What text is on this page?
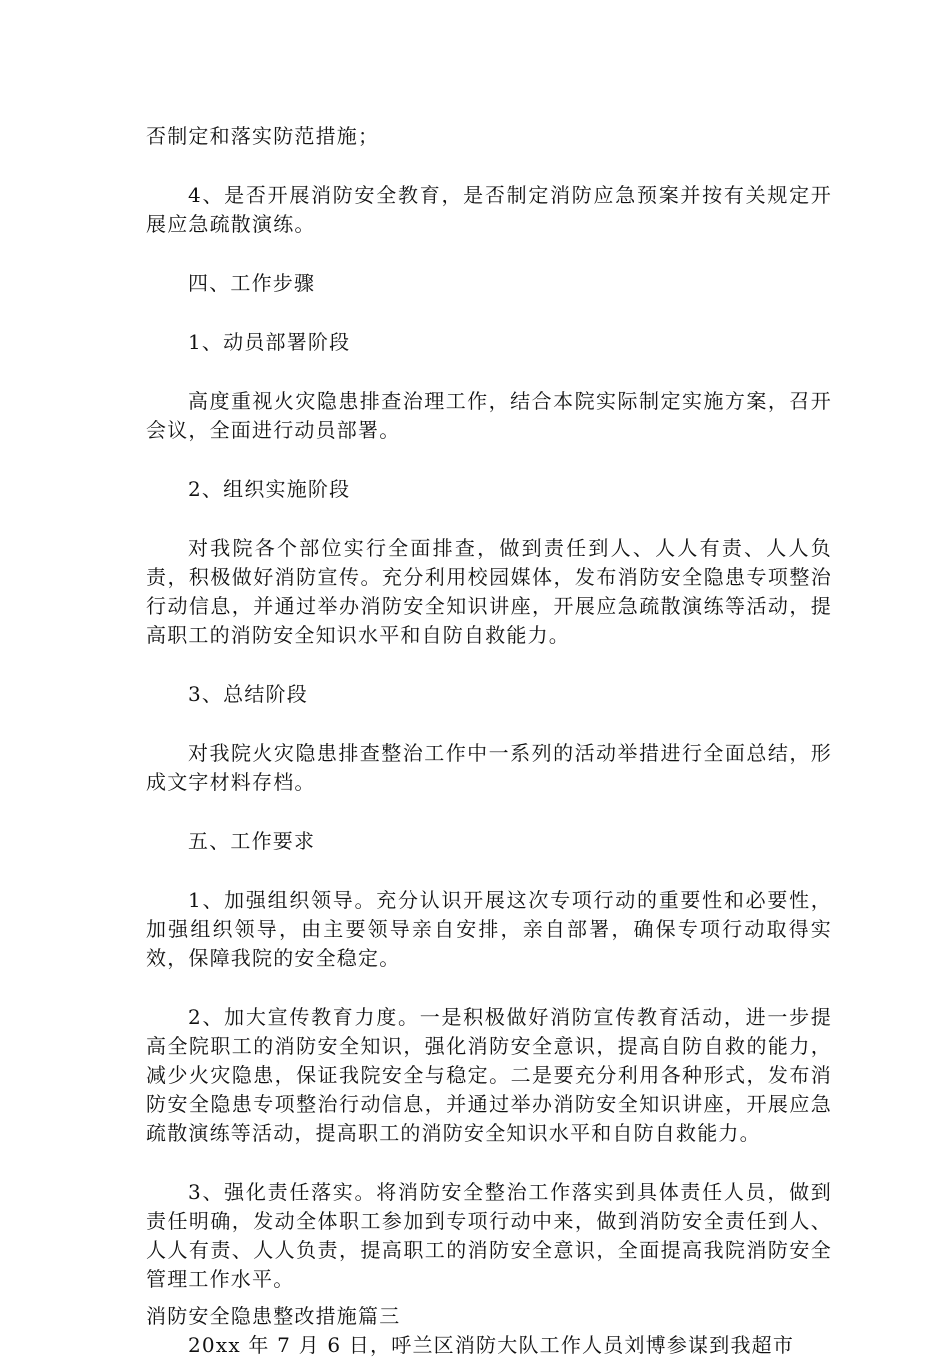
否制定和落实防范措施；

4、是否开展消防安全教育，是否制定消防应急预案并按有关规定开展应急疏散演练。

四、工作步骤

1、动员部署阶段

高度重视火灾隐患排查治理工作，结合本院实际制定实施方案，召开会议，全面进行动员部署。

2、组织实施阶段

对我院各个部位实行全面排查，做到责任到人、人人有责、人人负责，积极做好消防宣传。充分利用校园媒体，发布消防安全隐患专项整治行动信息，并通过举办消防安全知识讲座，开展应急疏散演练等活动，提高职工的消防安全知识水平和自防自救能力。

3、总结阶段

对我院火灾隐患排查整治工作中一系列的活动举措进行全面总结，形成文字材料存档。

五、工作要求

1、加强组织领导。充分认识开展这次专项行动的重要性和必要性，加强组织领导，由主要领导亲自安排，亲自部署，确保专项行动取得实效，保障我院的安全稳定。

2、加大宣传教育力度。一是积极做好消防宣传教育活动，进一步提高全院职工的消防安全知识，强化消防安全意识，提高自防自救的能力，减少火灾隐患，保证我院安全与稳定。二是要充分利用各种形式，发布消防安全隐患专项整治行动信息，并通过举办消防安全知识讲座，开展应急疏散演练等活动，提高职工的消防安全知识水平和自防自救能力。

3、强化责任落实。将消防安全整治工作落实到具体责任人员，做到责任明确，发动全体职工参加到专项行动中来，做到消防安全责任到人、人人有责、人人负责，提高职工的消防安全意识，全面提高我院消防安全管理工作水平。

消防安全隐患整改措施篇三

20xx 年 7 月 6 日，呼兰区消防大队工作人员刘博参谋到我超市
